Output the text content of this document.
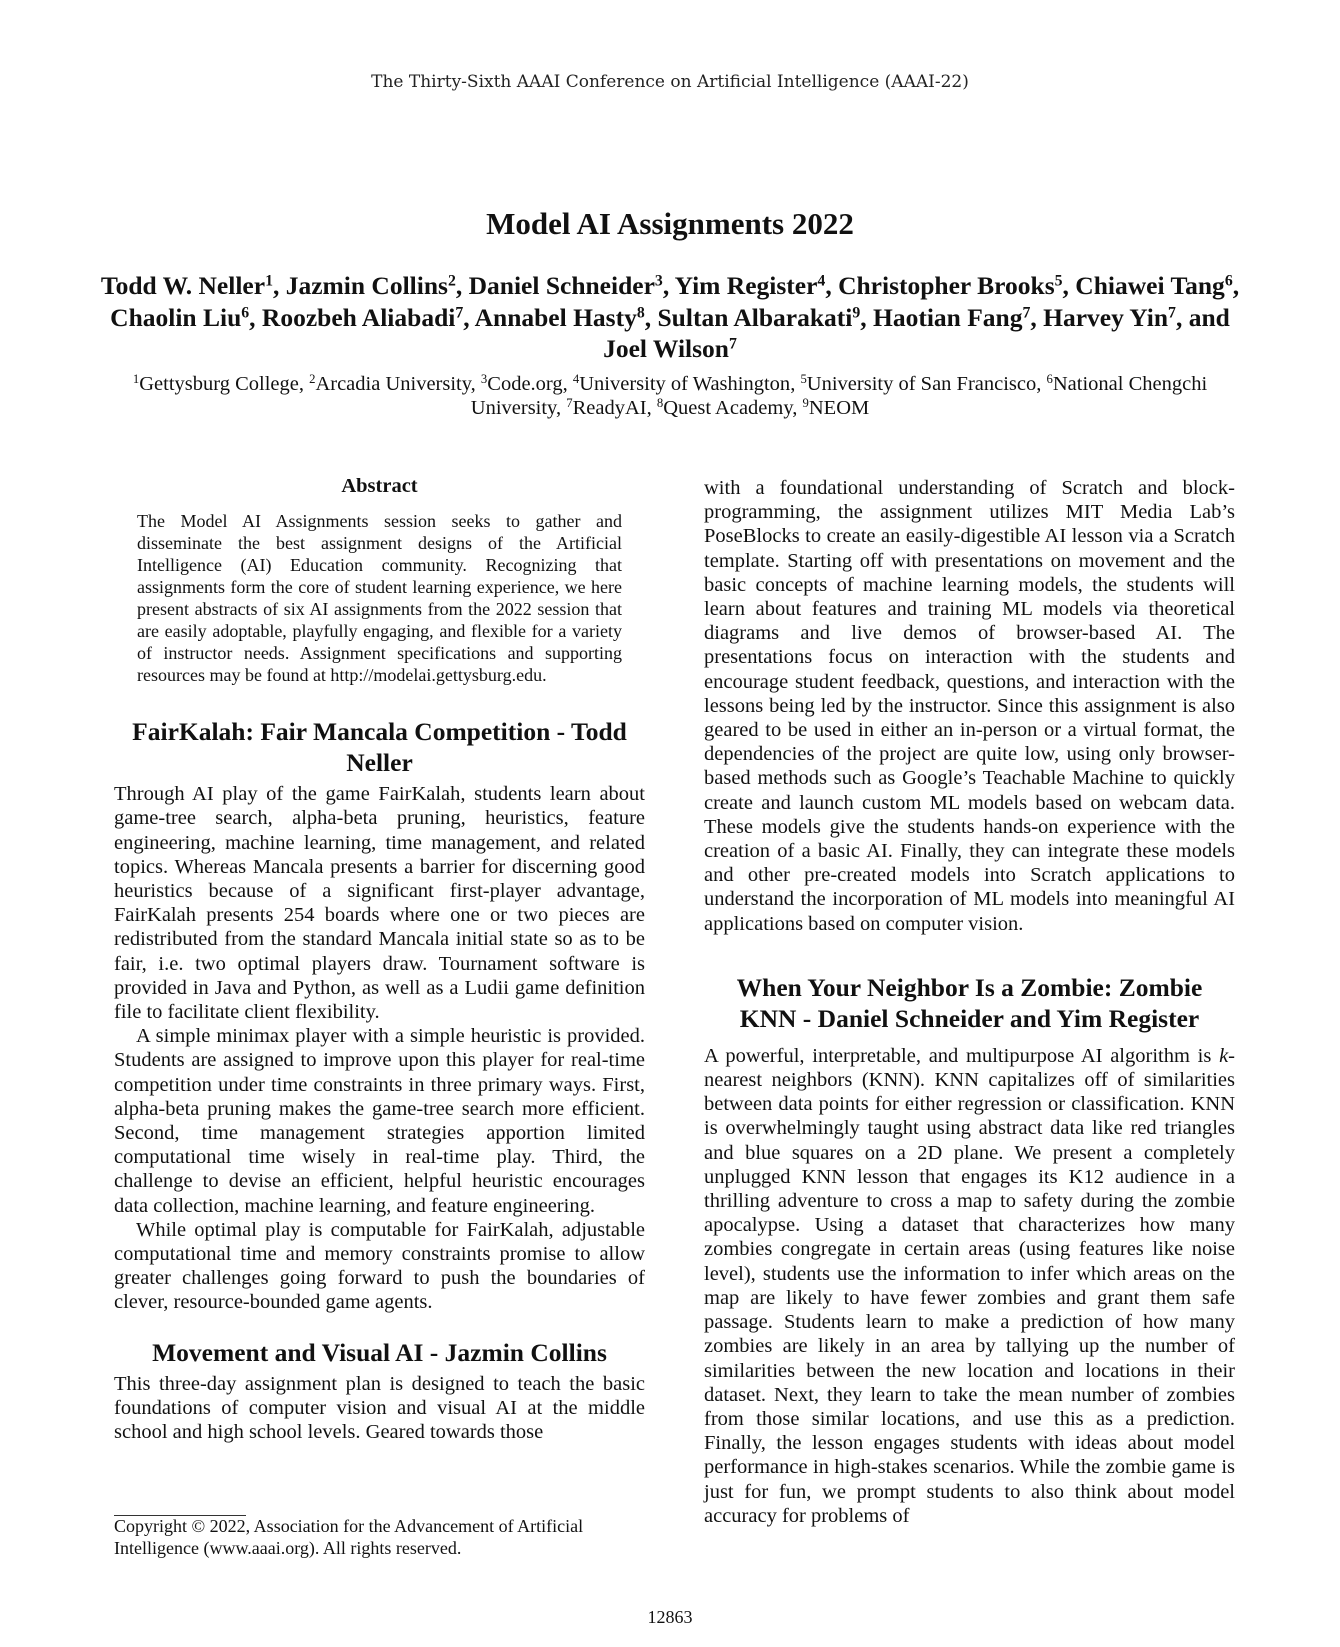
The Thirty-Sixth AAAI Conference on Artificial Intelligence (AAAI-22)
Model AI Assignments 2022
Todd W. Neller$^1$, Jazmin Collins$^2$, Daniel Schneider$^3$, Yim Register$^4$, Christopher Brooks$^5$, Chiawei Tang$^6$, Chaolin Liu$^6$, Roozbeh Aliabadi$^7$, Annabel Hasty$^8$, Sultan Albarakati$^9$, Haotian Fang$^7$, Harvey Yin$^7$, and Joel Wilson$^7$
$^1$Gettysburg College, $^2$Arcadia University, $^3$Code.org, $^4$University of Washington, $^5$University of San Francisco, $^6$National Chengchi University, $^7$ReadyAI, $^8$Quest Academy, $^9$NEOM
Abstract

The Model AI Assignments session seeks to gather and disseminate the best assignment designs of the Artificial Intelligence (AI) Education community. Recognizing that assignments form the core of student learning experience, we here present abstracts of six AI assignments from the 2022 session that are easily adoptable, playfully engaging, and flexible for a variety of instructor needs. Assignment specifications and supporting resources may be found at http://modelai.gettysburg.edu.

FairKalah: Fair Mancala Competition - Todd Neller

Through AI play of the game FairKalah, students learn about game-tree search, alpha-beta pruning, heuristics, feature engineering, machine learning, time management, and related topics. Whereas Mancala presents a barrier for discerning good heuristics because of a significant first-player advantage, FairKalah presents 254 boards where one or two pieces are redistributed from the standard Mancala initial state so as to be fair, i.e. two optimal players draw. Tournament software is provided in Java and Python, as well as a Ludii game definition file to facilitate client flexibility.

A simple minimax player with a simple heuristic is provided. Students are assigned to improve upon this player for real-time competition under time constraints in three primary ways. First, alpha-beta pruning makes the game-tree search more efficient. Second, time management strategies apportion limited computational time wisely in real-time play. Third, the challenge to devise an efficient, helpful heuristic encourages data collection, machine learning, and feature engineering.

While optimal play is computable for FairKalah, adjustable computational time and memory constraints promise to allow greater challenges going forward to push the boundaries of clever, resource-bounded game agents.

Movement and Visual AI - Jazmin Collins

This three-day assignment plan is designed to teach the basic foundations of computer vision and visual AI at the middle school and high school levels. Geared towards those

Copyright © 2022, Association for the Advancement of Artificial Intelligence (www.aaai.org). All rights reserved.

with a foundational understanding of Scratch and block-programming, the assignment utilizes MIT Media Lab’s PoseBlocks to create an easily-digestible AI lesson via a Scratch template. Starting off with presentations on movement and the basic concepts of machine learning models, the students will learn about features and training ML models via theoretical diagrams and live demos of browser-based AI. The presentations focus on interaction with the students and encourage student feedback, questions, and interaction with the lessons being led by the instructor. Since this assignment is also geared to be used in either an in-person or a virtual format, the dependencies of the project are quite low, using only browser-based methods such as Google’s Teachable Machine to quickly create and launch custom ML models based on webcam data. These models give the students hands-on experience with the creation of a basic AI. Finally, they can integrate these models and other pre-created models into Scratch applications to understand the incorporation of ML models into meaningful AI applications based on computer vision.

When Your Neighbor Is a Zombie: Zombie KNN - Daniel Schneider and Yim Register

A powerful, interpretable, and multipurpose AI algorithm is k-nearest neighbors (KNN). KNN capitalizes off of similarities between data points for either regression or classification. KNN is overwhelmingly taught using abstract data like red triangles and blue squares on a 2D plane. We present a completely unplugged KNN lesson that engages its K12 audience in a thrilling adventure to cross a map to safety during the zombie apocalypse. Using a dataset that characterizes how many zombies congregate in certain areas (using features like noise level), students use the information to infer which areas on the map are likely to have fewer zombies and grant them safe passage. Students learn to make a prediction of how many zombies are likely in an area by tallying up the number of similarities between the new location and locations in their dataset. Next, they learn to take the mean number of zombies from those similar locations, and use this as a prediction. Finally, the lesson engages students with ideas about model performance in high-stakes scenarios. While the zombie game is just for fun, we prompt students to also think about model accuracy for problems of

12863
